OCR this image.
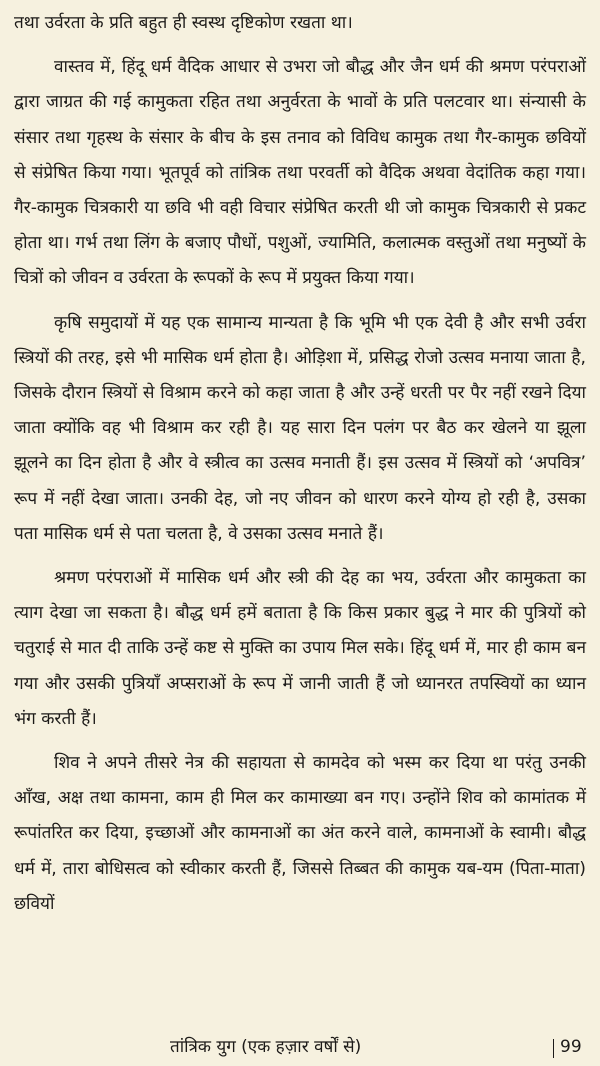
तथा उर्वरता के प्रति बहुत ही स्वस्थ दृष्टिकोण रखता था।

वास्तव में, हिंदू धर्म वैदिक आधार से उभरा जो बौद्ध और जैन धर्म की श्रमण परंपराओं द्वारा जाग्रत की गई कामुकता रहित तथा अनुर्वरता के भावों के प्रति पलटवार था। संन्यासी के संसार तथा गृहस्थ के संसार के बीच के इस तनाव को विविध कामुक तथा गैर-कामुक छवियों से संप्रेषित किया गया। भूतपूर्व को तांत्रिक तथा परवर्ती को वैदिक अथवा वेदांतिक कहा गया। गैर-कामुक चित्रकारी या छवि भी वही विचार संप्रेषित करती थी जो कामुक चित्रकारी से प्रकट होता था। गर्भ तथा लिंग के बजाए पौधों, पशुओं, ज्यामिति, कलात्मक वस्तुओं तथा मनुष्यों के चित्रों को जीवन व उर्वरता के रूपकों के रूप में प्रयुक्त किया गया।

कृषि समुदायों में यह एक सामान्य मान्यता है कि भूमि भी एक देवी है और सभी उर्वरा स्त्रियों की तरह, इसे भी मासिक धर्म होता है। ओड़िशा में, प्रसिद्ध रोजो उत्सव मनाया जाता है, जिसके दौरान स्त्रियों से विश्राम करने को कहा जाता है और उन्हें धरती पर पैर नहीं रखने दिया जाता क्योंकि वह भी विश्राम कर रही है। यह सारा दिन पलंग पर बैठ कर खेलने या झूला झूलने का दिन होता है और वे स्त्रीत्व का उत्सव मनाती हैं। इस उत्सव में स्त्रियों को ‘अपवित्र’ रूप में नहीं देखा जाता। उनकी देह, जो नए जीवन को धारण करने योग्य हो रही है, उसका पता मासिक धर्म से पता चलता है, वे उसका उत्सव मनाते हैं।

श्रमण परंपराओं में मासिक धर्म और स्त्री की देह का भय, उर्वरता और कामुकता का त्याग देखा जा सकता है। बौद्ध धर्म हमें बताता है कि किस प्रकार बुद्ध ने मार की पुत्रियों को चतुराई से मात दी ताकि उन्हें कष्ट से मुक्ति का उपाय मिल सके। हिंदू धर्म में, मार ही काम बन गया और उसकी पुत्रियाँ अप्सराओं के रूप में जानी जाती हैं जो ध्यानरत तपस्वियों का ध्यान भंग करती हैं।

शिव ने अपने तीसरे नेत्र की सहायता से कामदेव को भस्म कर दिया था परंतु उनकी आँख, अक्ष तथा कामना, काम ही मिल कर कामाख्या बन गए। उन्होंने शिव को कामांतक में रूपांतरित कर दिया, इच्छाओं और कामनाओं का अंत करने वाले, कामनाओं के स्वामी। बौद्ध धर्म में, तारा बोधिसत्व को स्वीकार करती हैं, जिससे तिब्बत की कामुक यब-यम (पिता-माता) छवियों

तांत्रिक युग (एक हज़ार वर्षों से)	99
